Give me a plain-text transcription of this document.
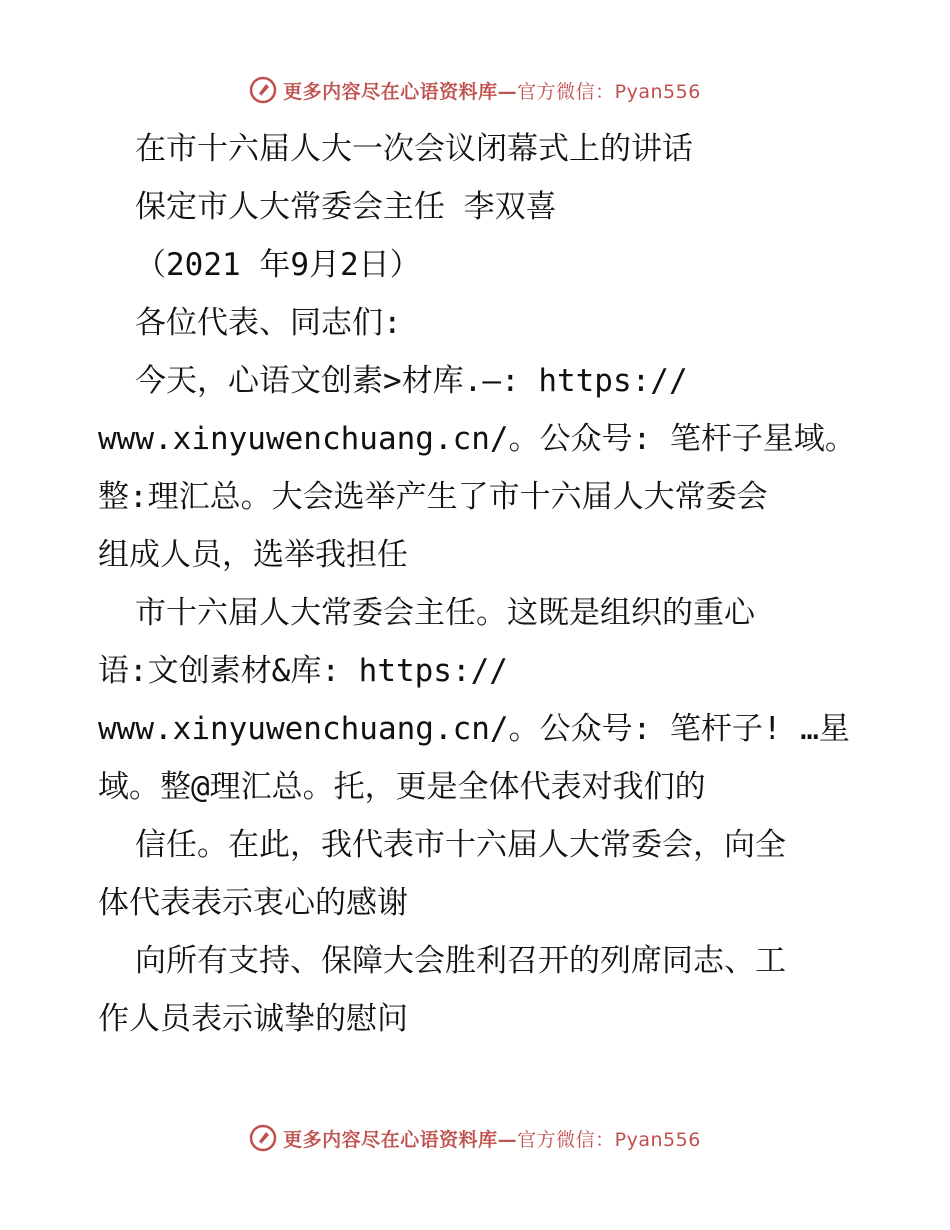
更多内容尽在心语资料库— 官方微信：Pyan556
在市十六届人大一次会议闭幕式上的讲话
保定市人大常委会主任 李双喜
（2021 年9月2日）
各位代表、同志们:
今天，心语文创素>材库.—: https://
www.xinyuwenchuang.cn/。公众号: 笔杆子星域。
整:理汇总。大会选举产生了市十六届人大常委会
组成人员，选举我担任
市十六届人大常委会主任。这既是组织的重心
语:文创素材&库: https://
www.xinyuwenchuang.cn/。公众号: 笔杆子! …星
域。整@理汇总。托，更是全体代表对我们的
信任。在此，我代表市十六届人大常委会，向全
体代表表示衷心的感谢
向所有支持、保障大会胜利召开的列席同志、工
作人员表示诚挚的慰问
更多内容尽在心语资料库— 官方微信：Pyan556
